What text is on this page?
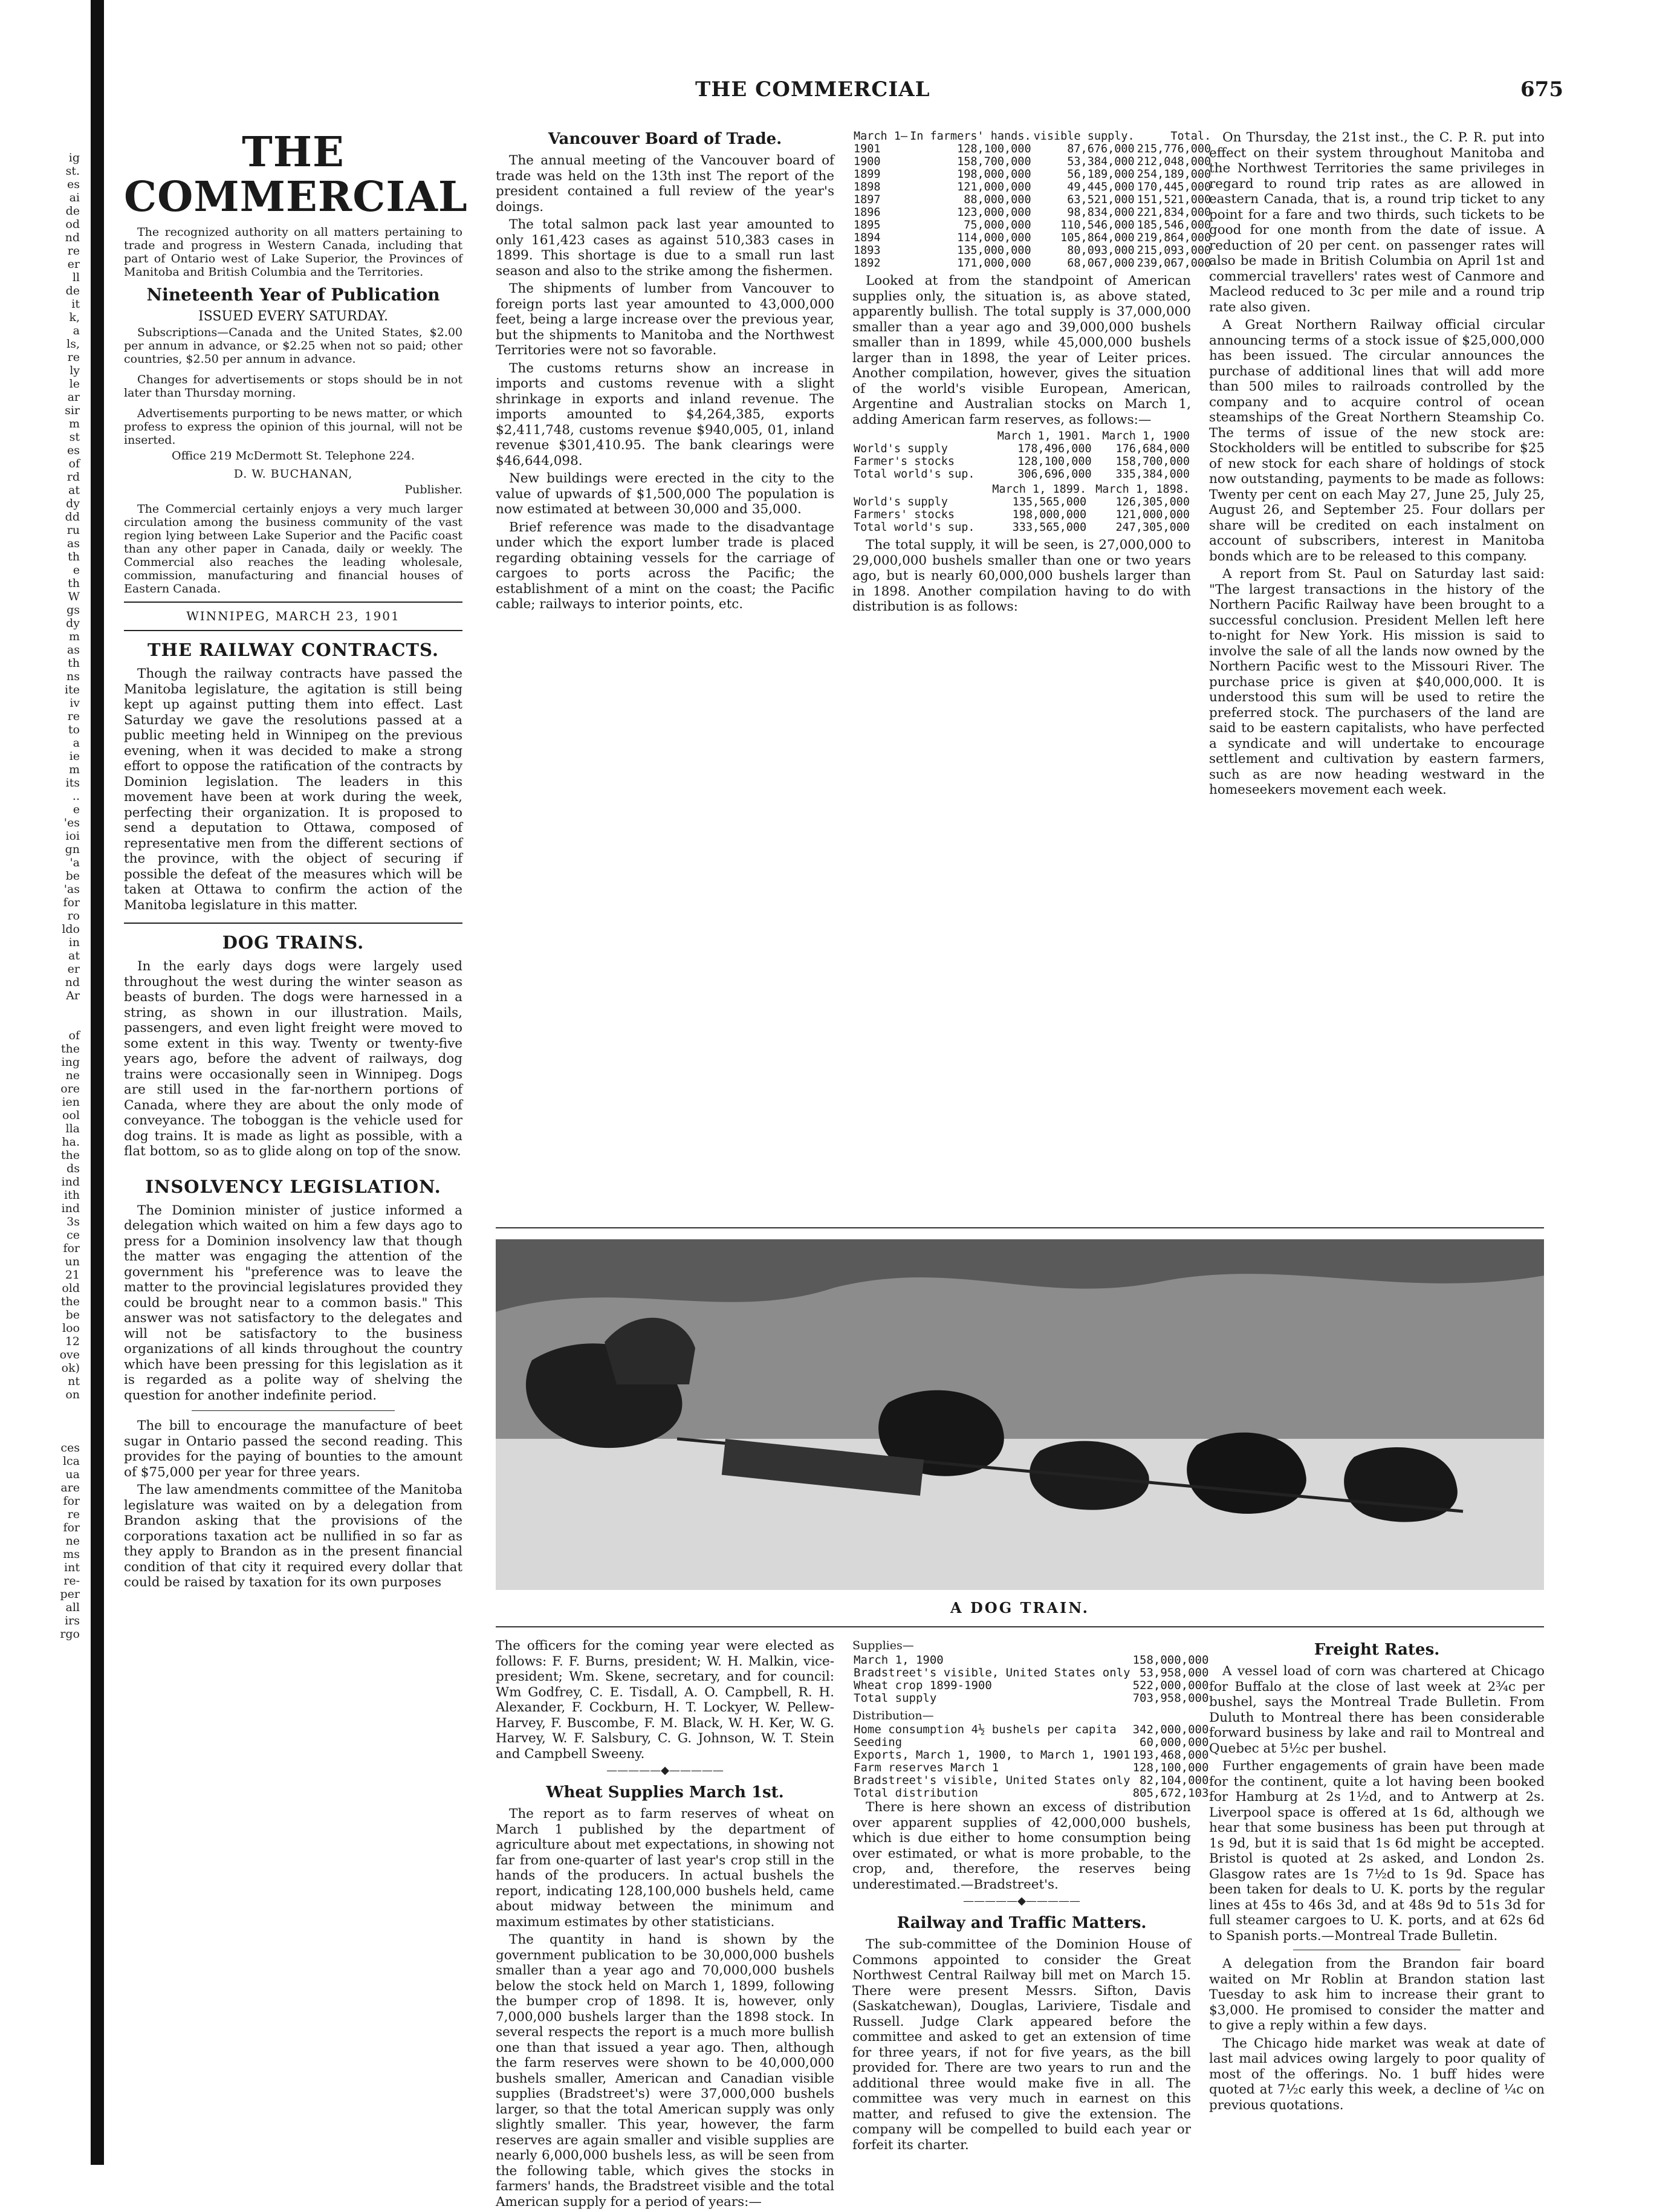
ig
st.
es
ai
de
od
nd
re
er
ll
de
it
k,
a
ls,
re
ly
le
ar
sir
m
st
es
of
rd
at
dy
dd
ru
as
th
e
th
W
gs
dy
m
as
th
ns
ite
iv
re
to
a
ie
m
its
..
e
'es
ioi
gn
'a
be
'as
for
ro
ldo
in
at
er
nd
Ar

of
the
ing
ne
ore
ien
ool
lla
ha.
the
ds
ind
ith
ind
3s
ce
for
un
21
old
the
be
loo
12
ove
ok)
nt
on

ces
lca
ua
are
for
re
for
ne
ms
int
re-
per
all
irs
rgo
THE COMMERCIAL	675
THE COMMERCIAL

The recognized authority on all matters pertaining to trade and progress in Western Canada, including that part of Ontario west of Lake Superior, the Provinces of Manitoba and British Columbia and the Territories.

Nineteenth Year of Publication
ISSUED EVERY SATURDAY.

Subscriptions—Canada and the United States, $2.00 per annum in advance, or $2.25 when not so paid; other countries, $2.50 per annum in advance.

Changes for advertisements or stops should be in not later than Thursday morning.

Advertisements purporting to be news matter, or which profess to express the opinion of this journal, will not be inserted.

Office 219 McDermott St. Telephone 224.

D. W. BUCHANAN,

Publisher.

The Commercial certainly enjoys a very much larger circulation among the business community of the vast region lying between Lake Superior and the Pacific coast than any other paper in Canada, daily or weekly. The Commercial also reaches the leading wholesale, commission, manufacturing and financial houses of Eastern Canada.

WINNIPEG, MARCH 23, 1901
THE RAILWAY CONTRACTS.

Though the railway contracts have passed the Manitoba legislature, the agitation is still being kept up against putting them into effect. Last Saturday we gave the resolutions passed at a public meeting held in Winnipeg on the previous evening, when it was decided to make a strong effort to oppose the ratification of the contracts by Dominion legislation. The leaders in this movement have been at work during the week, perfecting their organization. It is proposed to send a deputation to Ottawa, composed of representative men from the different sections of the province, with the object of securing if possible the defeat of the measures which will be taken at Ottawa to confirm the action of the Manitoba legislature in this matter.

DOG TRAINS.

In the early days dogs were largely used throughout the west during the winter season as beasts of burden. The dogs were harnessed in a string, as shown in our illustration. Mails, passengers, and even light freight were moved to some extent in this way. Twenty or twenty-five years ago, before the advent of railways, dog trains were occasionally seen in Winnipeg. Dogs are still used in the far-northern portions of Canada, where they are about the only mode of conveyance. The toboggan is the vehicle used for dog trains. It is made as light as possible, with a flat bottom, so as to glide along on top of the snow.

INSOLVENCY LEGISLATION.

The Dominion minister of justice informed a delegation which waited on him a few days ago to press for a Dominion insolvency law that though the matter was engaging the attention of the government his "preference was to leave the matter to the provincial legislatures provided they could be brought near to a common basis." This answer was not satisfactory to the delegates and will not be satisfactory to the business organizations of all kinds throughout the country which have been pressing for this legislation as it is regarded as a polite way of shelving the question for another indefinite period.

The bill to encourage the manufacture of beet sugar in Ontario passed the second reading. This provides for the paying of bounties to the amount of $75,000 per year for three years.

The law amendments committee of the Manitoba legislature was waited on by a delegation from Brandon asking that the provisions of the corporations taxation act be nullified in so far as they apply to Brandon as in the present financial condition of that city it required every dollar that could be raised by taxation for its own purposes

Vancouver Board of Trade.

The annual meeting of the Vancouver board of trade was held on the 13th inst The report of the president contained a full review of the year's doings.

The total salmon pack last year amounted to only 161,423 cases as against 510,383 cases in 1899. This shortage is due to a small run last season and also to the strike among the fishermen.

The shipments of lumber from Vancouver to foreign ports last year amounted to 43,000,000 feet, being a large increase over the previous year, but the shipments to Manitoba and the Northwest Territories were not so favorable.

The customs returns show an increase in imports and customs revenue with a slight shrinkage in exports and inland revenue. The imports amounted to $4,264,385, exports $2,411,748, customs revenue $940,005, 01, inland revenue $301,410.95. The bank clearings were $46,644,098.

New buildings were erected in the city to the value of upwards of $1,500,000 The population is now estimated at between 30,000 and 35,000.

Brief reference was made to the disadvantage under which the export lumber trade is placed regarding obtaining vessels for the carriage of cargoes to ports across the Pacific; the establishment of a mint on the coast; the Pacific cable; railways to interior points, etc.

March 1—	In farmers' hands.	visible supply.	Total.
1901	128,100,000	87,676,000	215,776,000
1900	158,700,000	53,384,000	212,048,000
1899	198,000,000	56,189,000	254,189,000
1898	121,000,000	49,445,000	170,445,000
1897	88,000,000	63,521,000	151,521,000
1896	123,000,000	98,834,000	221,834,000
1895	75,000,000	110,546,000	185,546,000
1894	114,000,000	105,864,000	219,864,000
1893	135,000,000	80,093,000	215,093,000
1892	171,000,000	68,067,000	239,067,000

Looked at from the standpoint of American supplies only, the situation is, as above stated, apparently bullish. The total supply is 37,000,000 smaller than a year ago and 39,000,000 bushels smaller than in 1899, while 45,000,000 bushels larger than in 1898, the year of Leiter prices. Another compilation, however, gives the situation of the world's visible European, American, Argentine and Australian stocks on March 1, adding American farm reserves, as follows:—

	March 1, 1901.	March 1, 1900
World's supply	178,496,000	176,684,000
Farmer's stocks	128,100,000	158,700,000
Total world's sup.	306,696,000	335,384,000
	March 1, 1899.	March 1, 1898.
World's supply	135,565,000	126,305,000
Farmers' stocks	198,000,000	121,000,000
Total world's sup.	333,565,000	247,305,000

The total supply, it will be seen, is 27,000,000 to 29,000,000 bushels smaller than one or two years ago, but is nearly 60,000,000 bushels larger than in 1898. Another compilation having to do with distribution is as follows:

On Thursday, the 21st inst., the C. P. R. put into effect on their system throughout Manitoba and the Northwest Territories the same privileges in regard to round trip rates as are allowed in eastern Canada, that is, a round trip ticket to any point for a fare and two thirds, such tickets to be good for one month from the date of issue. A reduction of 20 per cent. on passenger rates will also be made in British Columbia on April 1st and commercial travellers' rates west of Canmore and Macleod reduced to 3c per mile and a round trip rate also given.

A Great Northern Railway official circular announcing terms of a stock issue of $25,000,000 has been issued. The circular announces the purchase of additional lines that will add more than 500 miles to railroads controlled by the company and to acquire control of ocean steamships of the Great Northern Steamship Co. The terms of issue of the new stock are: Stockholders will be entitled to subscribe for $25 of new stock for each share of holdings of stock now outstanding, payments to be made as follows: Twenty per cent on each May 27, June 25, July 25, August 26, and September 25. Four dollars per share will be credited on each instalment on account of subscribers, interest in Manitoba bonds which are to be released to this company.

A report from St. Paul on Saturday last said: "The largest transactions in the history of the Northern Pacific Railway have been brought to a successful conclusion. President Mellen left here to-night for New York. His mission is said to involve the sale of all the lands now owned by the Northern Pacific west to the Missouri River. The purchase price is given at $40,000,000. It is understood this sum will be used to retire the preferred stock. The purchasers of the land are said to be eastern capitalists, who have perfected a syndicate and will undertake to encourage settlement and cultivation by eastern farmers, such as are now heading westward in the homeseekers movement each week.

A DOG TRAIN.

The officers for the coming year were elected as follows: F. F. Burns, president; W. H. Malkin, vice-president; Wm. Skene, secretary, and for council: Wm Godfrey, C. E. Tisdall, A. O. Campbell, R. H. Alexander, F. Cockburn, H. T. Lockyer, W. Pellew-Harvey, F. Buscombe, F. M. Black, W. H. Ker, W. G. Harvey, W. F. Salsbury, C. G. Johnson, W. T. Stein and Campbell Sweeny.

—————◆—————
Wheat Supplies March 1st.

The report as to farm reserves of wheat on March 1 published by the department of agriculture about met expectations, in showing not far from one-quarter of last year's crop still in the hands of the producers. In actual bushels the report, indicating 128,100,000 bushels held, came about midway between the minimum and maximum estimates by other statisticians.

The quantity in hand is shown by the government publication to be 30,000,000 bushels smaller than a year ago and 70,000,000 bushels below the stock held on March 1, 1899, following the bumper crop of 1898. It is, however, only 7,000,000 bushels larger than the 1898 stock. In several respects the report is a much more bullish one than that issued a year ago. Then, although the farm reserves were shown to be 40,000,000 bushels smaller, American and Canadian visible supplies (Bradstreet's) were 37,000,000 bushels larger, so that the total American supply was only slightly smaller. This year, however, the farm reserves are again smaller and visible supplies are nearly 6,000,000 bushels less, as will be seen from the following table, which gives the stocks in farmers' hands, the Bradstreet visible and the total American supply for a period of years:—

Supplies—
March 1, 1900	158,000,000
Bradstreet's visible, United States only	53,958,000
Wheat crop 1899-1900	522,000,000
Total supply	703,958,000
Distribution—
Home consumption 4½ bushels per capita	342,000,000
Seeding	60,000,000
Exports, March 1, 1900, to March 1, 1901	193,468,000
Farm reserves March 1	128,100,000
Bradstreet's visible, United States only	82,104,000
Total distribution	805,672,103

There is here shown an excess of distribution over apparent supplies of 42,000,000 bushels, which is due either to home consumption being over estimated, or what is more probable, to the crop, and, therefore, the reserves being underestimated.—Bradstreet's.

—————◆—————
Railway and Traffic Matters.

The sub-committee of the Dominion House of Commons appointed to consider the Great Northwest Central Railway bill met on March 15. There were present Messrs. Sifton, Davis (Saskatchewan), Douglas, Lariviere, Tisdale and Russell. Judge Clark appeared before the committee and asked to get an extension of time for three years, if not for five years, as the bill provided for. There are two years to run and the additional three would make five in all. The committee was very much in earnest on this matter, and refused to give the extension. The company will be compelled to build each year or forfeit its charter.

Freight Rates.

A vessel load of corn was chartered at Chicago for Buffalo at the close of last week at 2¾c per bushel, says the Montreal Trade Bulletin. From Duluth to Montreal there has been considerable forward business by lake and rail to Montreal and Quebec at 5½c per bushel.

Further engagements of grain have been made for the continent, quite a lot having been booked for Hamburg at 2s 1½d, and to Antwerp at 2s. Liverpool space is offered at 1s 6d, although we hear that some business has been put through at 1s 9d, but it is said that 1s 6d might be accepted. Bristol is quoted at 2s asked, and London 2s. Glasgow rates are 1s 7½d to 1s 9d. Space has been taken for deals to U. K. ports by the regular lines at 45s to 46s 3d, and at 48s 9d to 51s 3d for full steamer cargoes to U. K. ports, and at 62s 6d to Spanish ports.—Montreal Trade Bulletin.

A delegation from the Brandon fair board waited on Mr Roblin at Brandon station last Tuesday to ask him to increase their grant to $3,000. He promised to consider the matter and to give a reply within a few days.

The Chicago hide market was weak at date of last mail advices owing largely to poor quality of most of the offerings. No. 1 buff hides were quoted at 7½c early this week, a decline of ¼c on previous quotations.
